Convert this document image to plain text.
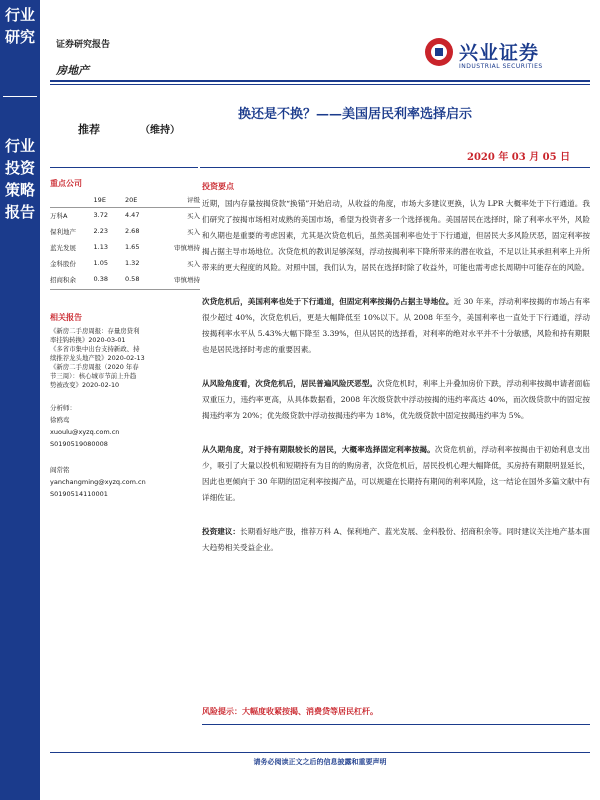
行业研究
行业投资策略报告
证券研究报告
房地产
兴业证券
INDUSTRIAL SECURITIES
换还是不换？——美国居民利率选择启示
推荐	（维持）
2020 年 03 月 05 日
重点公司
	19E	20E	评级
万科A	3.72	4.47	买入
保利地产	2.23	2.68	买入
蓝光发展	1.13	1.65	审慎增持
金科股份	1.05	1.32	买入
招商积余	0.38	0.58	审慎增持
相关报告
《新房二手房周报：存量房贷利
率挂钩转换》2020-03-01
《多省市集中出台支持新政、持
续推荐龙头地产股》2020-02-13
《新房二手房周报（2020 年春
节三周）：核心城市节前上升趋
势被改变》2020-02-10
分析师：
徐鸥鸾
xuoulu@xyzq.com.cn
S0190519080008
阎常铭
yanchangming@xyzq.com.cn
S0190514110001
投资要点

近期，国内存量按揭贷款“换锚”开始启动，从收益的角度，市场大多建议更换，认为 LPR 大概率处于下行通道。我们研究了按揭市场相对成熟的美国市场，希望为投资者多一个选择视角。美国居民在选择时，除了利率水平外，风险和久期也是重要的考虑因素，尤其是次贷危机后，虽然美国利率也处于下行通道，但居民大多风险厌恶，固定利率按揭占据主导市场地位。次贷危机的教训足够深刻，浮动按揭利率下降所带来的潜在收益，不足以让其承担利率上升所带来的更大程度的风险。对照中国，我们认为，居民在选择时除了收益外，可能也需考虑长周期中可能存在的风险。

次贷危机后，美国利率也处于下行通道，但固定利率按揭仍占据主导地位。近 30 年来，浮动利率按揭的市场占有率很少超过 40%，次贷危机后，更是大幅降低至 10%以下。从 2008 年至今，美国利率也一直处于下行通道，浮动按揭利率水平从 5.43%大幅下降至 3.39%，但从居民的选择看，对利率的绝对水平并不十分敏感，风险和持有期限也是居民选择时考虑的重要因素。

从风险角度看，次贷危机后，居民普遍风险厌恶型。次贷危机时，利率上升叠加房价下跌，浮动利率按揭申请者面临双重压力，违约率更高，从具体数据看，2008 年次级贷款中浮动按揭的违约率高达 40%，而次级贷款中的固定按揭违约率为 20%；优先级贷款中浮动按揭违约率为 18%，优先级贷款中固定按揭违约率为 5%。

从久期角度，对于持有期限较长的居民，大概率选择固定利率按揭。次贷危机前，浮动利率按揭由于初始利息支出少，吸引了大量以投机和短期持有为目的的购房者，次贷危机后，居民投机心理大幅降低，买房持有期限明显延长，因此也更倾向于 30 年期的固定利率按揭产品，可以规避在长期持有期间的利率风险，这一结论在国外多篇文献中有详细佐证。

投资建议：长期看好地产股，推荐万科 A、保利地产、蓝光发展、金科股份、招商积余等。同时建议关注地产基本面大趋势相关受益企业。

风险提示：大幅度收紧按揭、消费贷等居民杠杆。
请务必阅读正文之后的信息披露和重要声明
